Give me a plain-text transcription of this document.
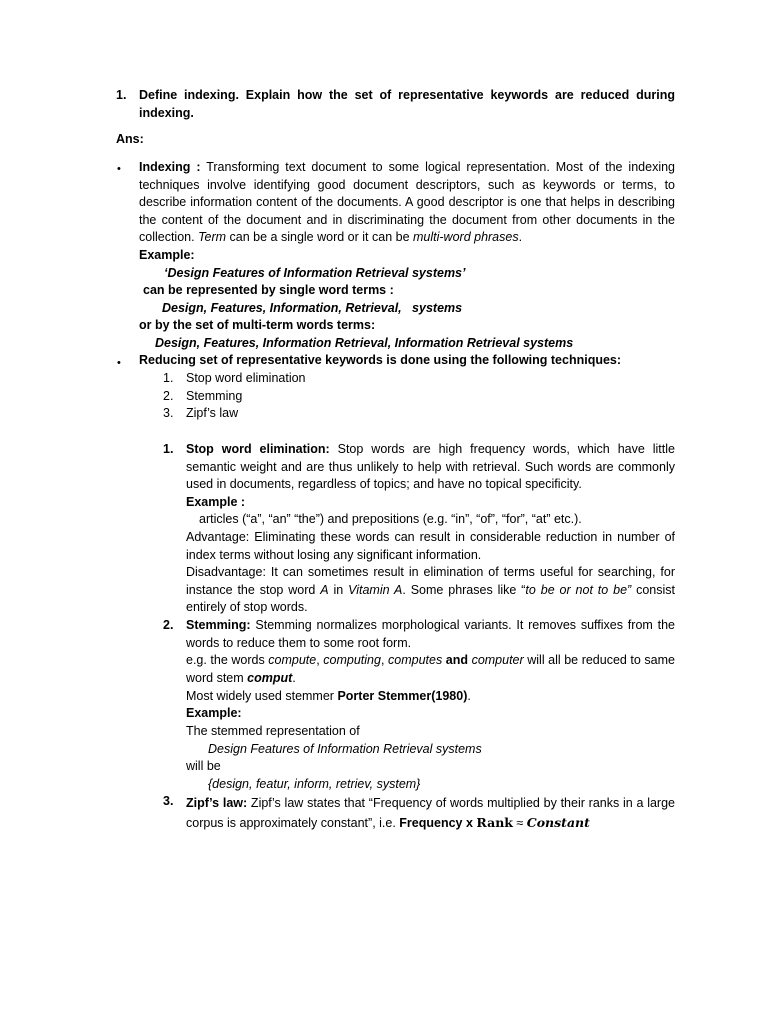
1. Define indexing. Explain how the set of representative keywords are reduced during indexing.
Ans:
• Indexing : Transforming text document to some logical representation. Most of the indexing techniques involve identifying good document descriptors, such as keywords or terms, to describe information content of the documents. A good descriptor is one that helps in describing the content of the document and in discriminating the document from other documents in the collection. Term can be a single word or it can be multi-word phrases.
Example:
‘Design Features of Information Retrieval systems’
can be represented by single word terms :
Design, Features, Information, Retrieval,   systems
or by the set of multi-term words terms:
Design, Features, Information Retrieval, Information Retrieval systems
• Reducing set of representative keywords is done using the following techniques:
1. Stop word elimination
2. Stemming
3. Zipf’s law
1. Stop word elimination: Stop words are high frequency words, which have little semantic weight and are thus unlikely to help with retrieval. Such words are commonly used in documents, regardless of topics; and have no topical specificity.
Example :
articles (“a”, “an” “the”) and prepositions (e.g. “in”, “of”, “for”, “at” etc.).
Advantage: Eliminating these words can result in considerable reduction in number of index terms without losing any significant information.
Disadvantage: It can sometimes result in elimination of terms useful for searching, for instance the stop word A in Vitamin A. Some phrases like “to be or not to be” consist entirely of stop words.
2. Stemming: Stemming normalizes morphological variants. It removes suffixes from the words to reduce them to some root form.
e.g. the words compute, computing, computes and computer will all be reduced to same word stem comput.
Most widely used stemmer Porter Stemmer(1980).
Example:
The stemmed representation of
Design Features of Information Retrieval systems
will be
{design, featur, inform, retriev, system}
3. Zipf’s law: Zipf’s law states that “Frequency of words multiplied by their ranks in a large corpus is approximately constant”, i.e. Frequency x Rank ≈ Constant
